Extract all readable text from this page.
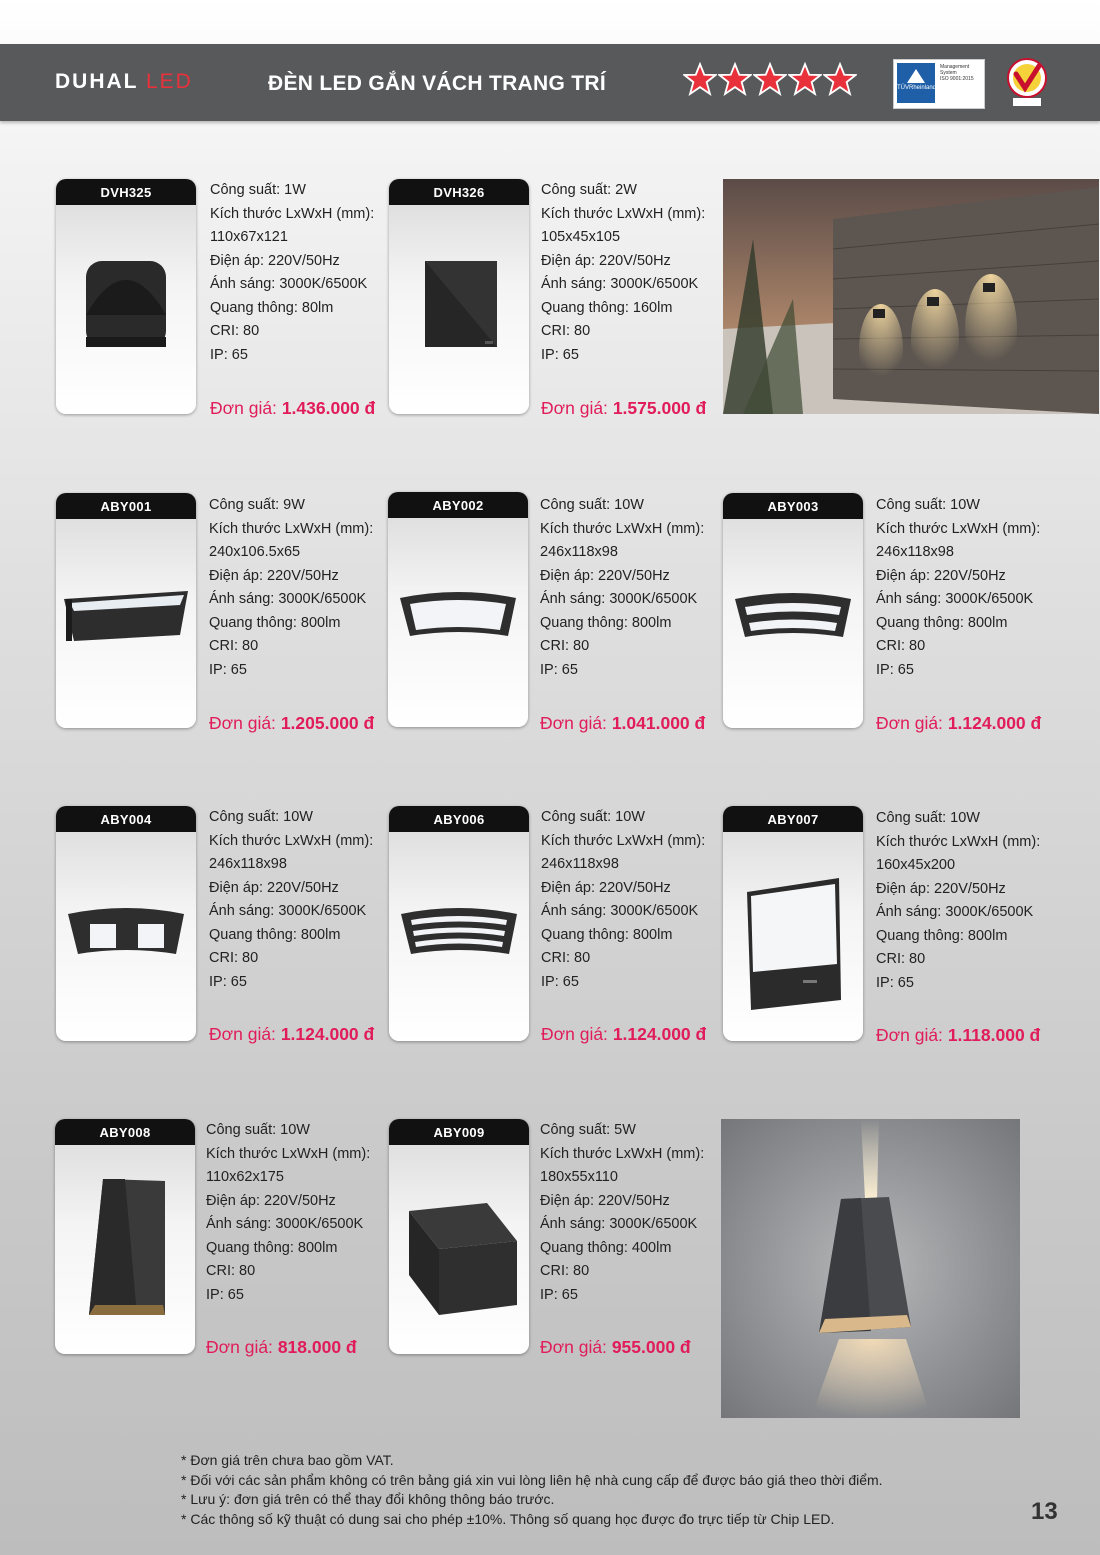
DUHAL LED	ĐÈN LED GẮN VÁCH TRANG TRÍ	TÜVRheinland
Management
System
ISO 9001:2015
DVH325	Công suất: 1W
Kích thước LxWxH (mm):
110x67x121
Điện áp: 220V/50Hz
Ánh sáng: 3000K/6500K
Quang thông: 80lm
CRI: 80
IP: 65
Đơn giá: 1.436.000 đ
DVH326	Công suất: 2W
Kích thước LxWxH (mm):
105x45x105
Điện áp: 220V/50Hz
Ánh sáng: 3000K/6500K
Quang thông: 160lm
CRI: 80
IP: 65
Đơn giá: 1.575.000 đ
ABY001	Công suất: 9W
Kích thước LxWxH (mm):
240x106.5x65
Điện áp: 220V/50Hz
Ánh sáng: 3000K/6500K
Quang thông: 800lm
CRI: 80
IP: 65
Đơn giá: 1.205.000 đ
ABY002	Công suất: 10W
Kích thước LxWxH (mm):
246x118x98
Điện áp: 220V/50Hz
Ánh sáng: 3000K/6500K
Quang thông: 800lm
CRI: 80
IP: 65
Đơn giá: 1.041.000 đ
ABY003	Công suất: 10W
Kích thước LxWxH (mm):
246x118x98
Điện áp: 220V/50Hz
Ánh sáng: 3000K/6500K
Quang thông: 800lm
CRI: 80
IP: 65
Đơn giá: 1.124.000 đ
ABY004	Công suất: 10W
Kích thước LxWxH (mm):
246x118x98
Điện áp: 220V/50Hz
Ánh sáng: 3000K/6500K
Quang thông: 800lm
CRI: 80
IP: 65
Đơn giá: 1.124.000 đ
ABY006	Công suất: 10W
Kích thước LxWxH (mm):
246x118x98
Điện áp: 220V/50Hz
Ánh sáng: 3000K/6500K
Quang thông: 800lm
CRI: 80
IP: 65
Đơn giá: 1.124.000 đ
ABY007	Công suất: 10W
Kích thước LxWxH (mm):
160x45x200
Điện áp: 220V/50Hz
Ánh sáng: 3000K/6500K
Quang thông: 800lm
CRI: 80
IP: 65
Đơn giá: 1.118.000 đ
ABY008	Công suất: 10W
Kích thước LxWxH (mm):
110x62x175
Điện áp: 220V/50Hz
Ánh sáng: 3000K/6500K
Quang thông: 800lm
CRI: 80
IP: 65
Đơn giá: 818.000 đ
ABY009	Công suất: 5W
Kích thước LxWxH (mm):
180x55x110
Điện áp: 220V/50Hz
Ánh sáng: 3000K/6500K
Quang thông: 400lm
CRI: 80
IP: 65
Đơn giá: 955.000 đ
* Đơn giá trên chưa bao gồm VAT.
* Đối với các sản phẩm không có trên bảng giá xin vui lòng liên hệ nhà cung cấp để được báo giá theo thời điểm.
* Lưu ý: đơn giá trên có thể thay đổi không thông báo trước.
* Các thông số kỹ thuật có dung sai cho phép ±10%. Thông số quang học được đo trực tiếp từ Chip LED.	13
